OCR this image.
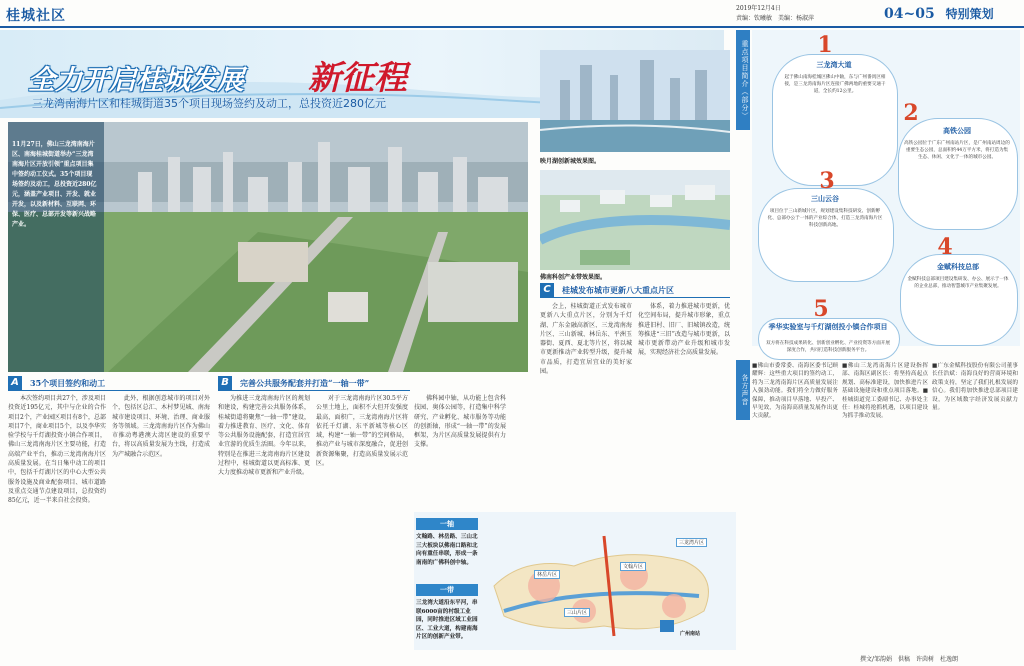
桂城社区	2019年12月4日
责编：钦曦敏　美编：杨淑萍	04~05 特别策划
全力开启桂城发展 新征程
三龙湾南海片区和桂城街道35个项目现场签约及动工，总投资近280亿元
11月27日，佛山三龙湾南海片区、南海桂城街道举办“三龙湾南海片区开放引领”重点项目集中签约动工仪式。35个项目现场签约及动工，总投资近280亿元，涵盖产业项目、开发、就业开发，以及新材料、互联网、环保、医疗、总部开发等新兴战略产业。
A	35个项目签约和动工	B	完善公共服务配套并打造“一轴一带”
本次签约项目共27个，涉及项目投资近195亿元，其中与企业的合作项目2个，产业园区项目有8个，总部项目7个，商业项目5个，以及李华实验学校与千灯湖投资小镇合作项目，佛山三龙湾南海片区主要功能，打造高端产业平台，推动三龙湾南海片区高质量发展。在当日集中动工的项目中，包括千灯湖片区的中心大型公共服务设施及商业配套项目、城市道路及重点交通节点建设项目，总投资约85亿元，近一半来自社会投资。
此外，根据创意城市的项目对外个，包括区总汇、木村梦见城、南海城市建设项目、环境、治理、商业服务等领域。三龙湾南海片区作为佛山市推动粤港澳大湾区建设的重要平台，将以高质量发展为主线，打造成为产城融合示范区。
为推进三龙湾南海片区的规划和建设，构建完善公共服务体系，桂城街道将聚焦“一轴一带”建设，着力推进教育、医疗、文化、体育等公共服务设施配套，打造宜居宜业宜游的优质生活圈。今年以来，特别是在推进三龙湾南海片区建设过程中，桂城街道以更高标准、更大力度推动城市更新和产业升级。
对于三龙湾南海片区30.5平方公里土地上，面积不大但开发强度最高，面积广，三龙湾南海片区将依托千灯湖、东平新城等核心区域，构建“一轴一带”的空间格局，推动产业与城市深度融合，促进创新资源集聚，打造高质量发展示范区。
佛科园中轴，从功能上包含科技园、奥体公园等，打造集中科学研究、产业孵化、城市服务等功能的创新轴，形成“一轴一带”的发展框架，为片区高质量发展提供有力支撑。
映月湖创新城效果图。
佛南科创产业带效果图。
C	桂城发布城市更新八大重点片区
会上，桂城街道正式发布城市更新八大重点片区，分别为千灯湖、广东金融高新区、三龙湾南海片区、三山新城、林岳东、平洲玉器街、夏西、夏北等片区，将以城市更新推动产业转型升级，提升城市品质，打造宜居宜业的美好家园。
体系，着力推进城市更新，优化空间布局，提升城市形象，重点推进旧村、旧厂、旧城镇改造，统筹推进“三旧”改造与城市更新，以城市更新带动产业升级和城市发展，实现经济社会高质量发展。
一轴
文翰路、林岳路、三山北三大板块以佛南口路和北向有重任串联，形成一条南南的广佛科创中轴。
一带
三龙湾大道沿东平河，串联6000亩的村级工业园，同时推进区域工业园区、工业大道，构建南海片区的创新产业带。
三龙湾片区
文翰片区
林岳片区
三山片区
广州南站
重点项目简介（部分）	1
三龙湾大道
起于佛山南海桂城区佛山中轴，东与广州番禺区相接，是三龙湾南海片区连接广佛两地的重要交通干道，全长约12公里。
2
高铁公园
高铁公园位于广东广州南站片区，是广州南站周边的重要生态公园，总面积约44万平方米，将打造为集生态、休闲、文化于一体的城市公园。
3
三山云谷
项目位于三山新城片区，规划建设集科技研发、创新孵化、总部办公于一体的产业综合体，打造三龙湾南海片区科技创新高地。
4
金赋科技总部
金赋科技总部项目建设集研发、办公、展示于一体的企业总部，推动智慧城市产业集聚发展。
5
季华实验室与千灯湖创投小镇合作项目
双方将在科技成果转化、创新创业孵化、产业投资等方面开展深度合作，共同打造科技创新服务平台。
各方声音
■佛山市委常委、南海区委书记顾耀辉：这些重大项目的签约动工，将为三龙湾南海片区高质量发展注入强劲动能。我们将全力做好服务保障，推动项目早落地、早投产、早见效，为南海高质量发展作出更大贡献。
■佛山三龙湾南海片区建设指挥部、南海区副区长：将坚持高起点规划、高标准建设，加快推进片区基础设施建设和重点项目落地。■桂城街道党工委副书记、办事处主任：桂城将抢抓机遇，以项目建设为抓手推动发展。
■广东金赋科技股份有限公司董事长任浩斌：南海良好的营商环境和政策支持，坚定了我们扎根发展的信心。我们将加快推进总部项目建设，为区域数字经济发展贡献力量。
撰文/邹韵娟　供稿　许茵树　杜逸朗
